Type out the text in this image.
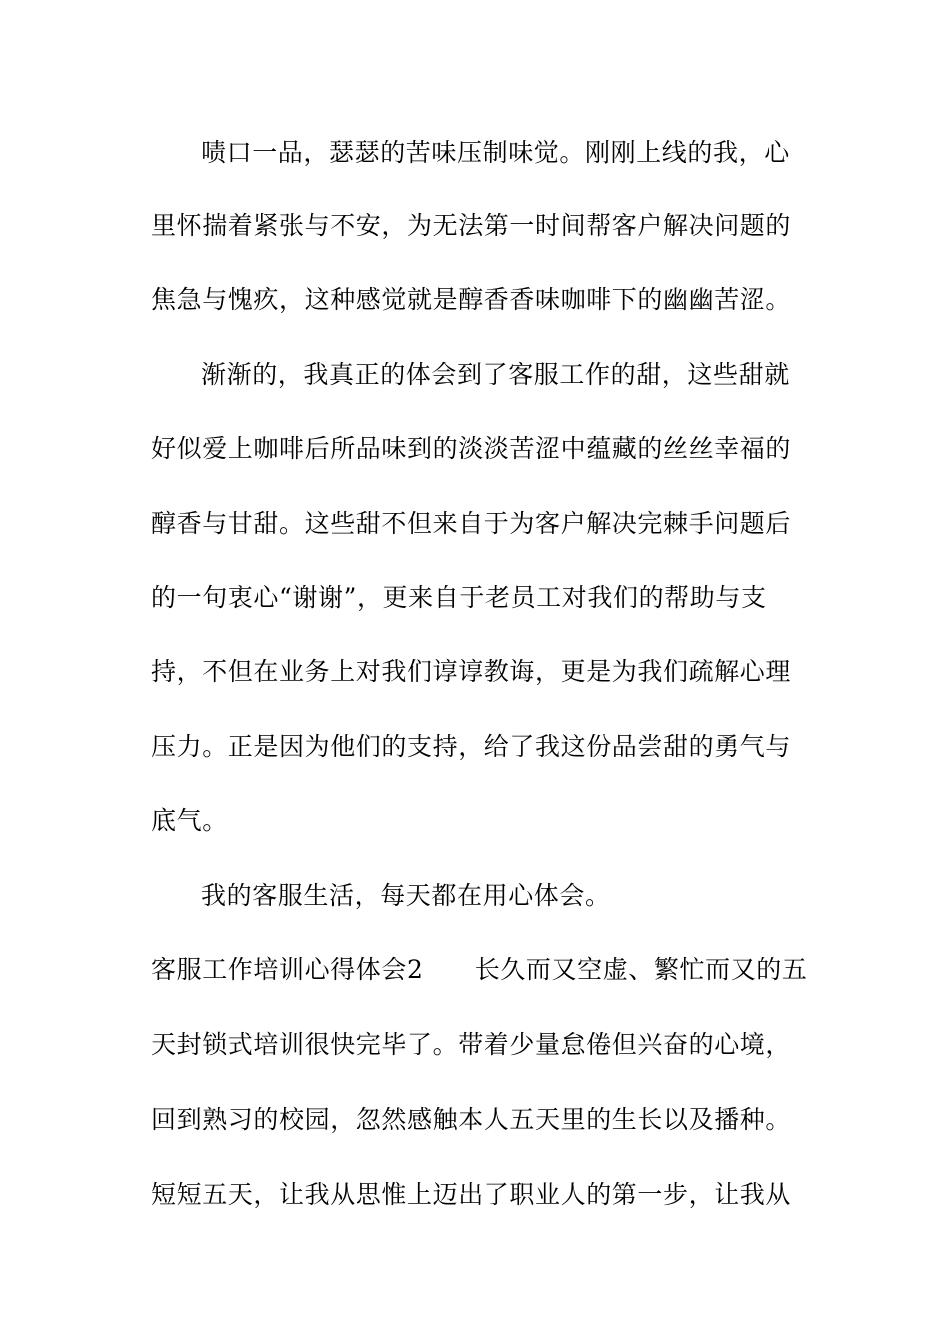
啧口一品，瑟瑟的苦味压制味觉。刚刚上线的我，心
里怀揣着紧张与不安，为无法第一时间帮客户解决问题的
焦急与愧疚，这种感觉就是醇香香味咖啡下的幽幽苦涩。
渐渐的，我真正的体会到了客服工作的甜，这些甜就
好似爱上咖啡后所品味到的淡淡苦涩中蕴藏的丝丝幸福的
醇香与甘甜。这些甜不但来自于为客户解决完棘手问题后
的一句衷心“谢谢”，更来自于老员工对我们的帮助与支
持，不但在业务上对我们谆谆教诲，更是为我们疏解心理
压力。正是因为他们的支持，给了我这份品尝甜的勇气与
底气。
我的客服生活，每天都在用心体会。
客服工作培训心得体会2　　长久而又空虚、繁忙而又的五
天封锁式培训很快完毕了。带着少量怠倦但兴奋的心境，
回到熟习的校园，忽然感触本人五天里的生长以及播种。
短短五天，让我从思惟上迈出了职业人的第一步，让我从
